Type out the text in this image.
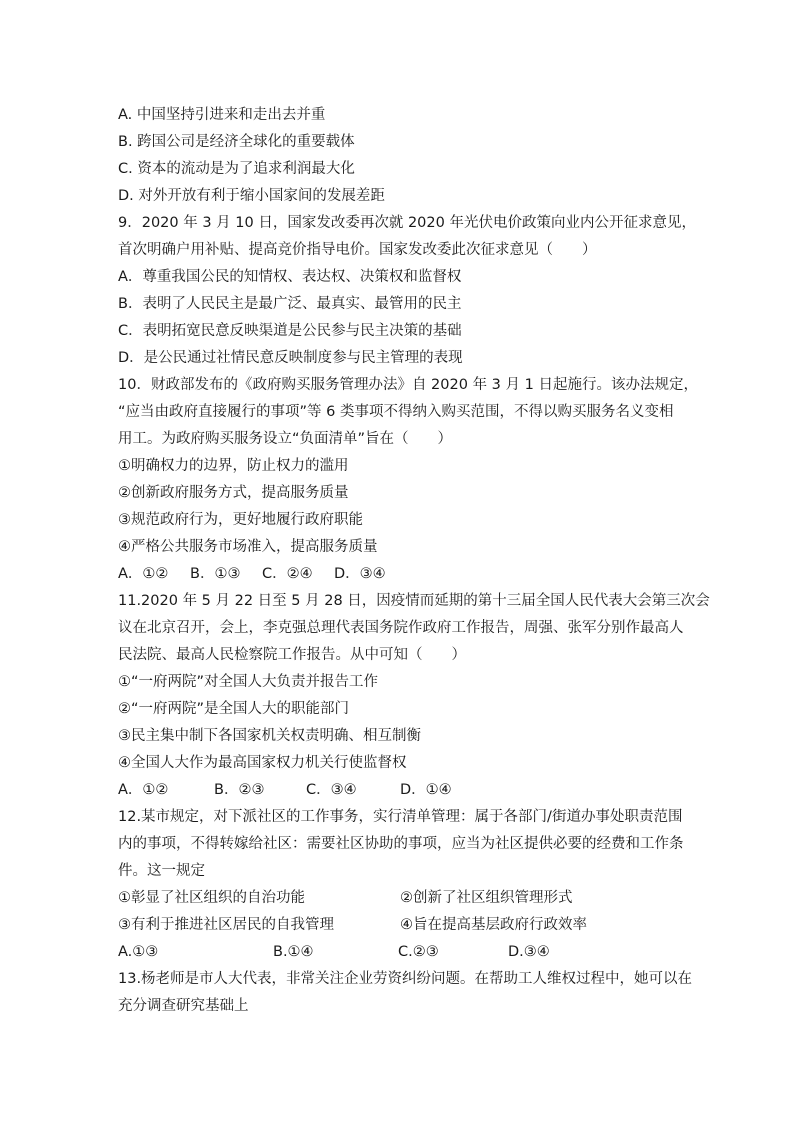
A. 中国坚持引进来和走出去并重
B. 跨国公司是经济全球化的重要载体
C. 资本的流动是为了追求利润最大化
D. 对外开放有利于缩小国家间的发展差距
9．2020 年 3 月 10 日，国家发改委再次就 2020 年光伏电价政策向业内公开征求意见，
首次明确户用补贴、提高竞价指导电价。国家发改委此次征求意见（　　）
A．尊重我国公民的知情权、表达权、决策权和监督权
B．表明了人民民主是最广泛、最真实、最管用的民主
C．表明拓宽民意反映渠道是公民参与民主决策的基础
D．是公民通过社情民意反映制度参与民主管理的表现
10．财政部发布的《政府购买服务管理办法》自 2020 年 3 月 1 日起施行。该办法规定，
“应当由政府直接履行的事项”等 6 类事项不得纳入购买范围，不得以购买服务名义变相
用工。为政府购买服务设立“负面清单”旨在（　　）
①明确权力的边界，防止权力的滥用
②创新政府服务方式，提高服务质量
③规范政府行为，更好地履行政府职能
④严格公共服务市场准入，提高服务质量
A．①② B．①③ C．②④ D．③④
11.2020 年 5 月 22 日至 5 月 28 日，因疫情而延期的第十三届全国人民代表大会第三次会
议在北京召开，会上，李克强总理代表国务院作政府工作报告，周强、张军分别作最高人
民法院、最高人民检察院工作报告。从中可知（　　）
①“一府两院”对全国人大负责并报告工作
②“一府两院”是全国人大的职能部门
③民主集中制下各国家机关权责明确、相互制衡
④全国人大作为最高国家权力机关行使监督权
A．①②	B．②③	C．③④	D．①④
12.某市规定，对下派社区的工作事务，实行清单管理：属于各部门/街道办事处职责范围
内的事项，不得转嫁给社区：需要社区协助的事项，应当为社区提供必要的经费和工作条
件。这一规定
①彰显了社区组织的自治功能	②创新了社区组织管理形式
③有利于推进社区居民的自我管理	④旨在提高基层政府行政效率
A.①③	B.①④	C.②③	D.③④
13.杨老师是市人大代表，非常关注企业劳资纠纷问题。在帮助工人维权过程中，她可以在
充分调查研究基础上
